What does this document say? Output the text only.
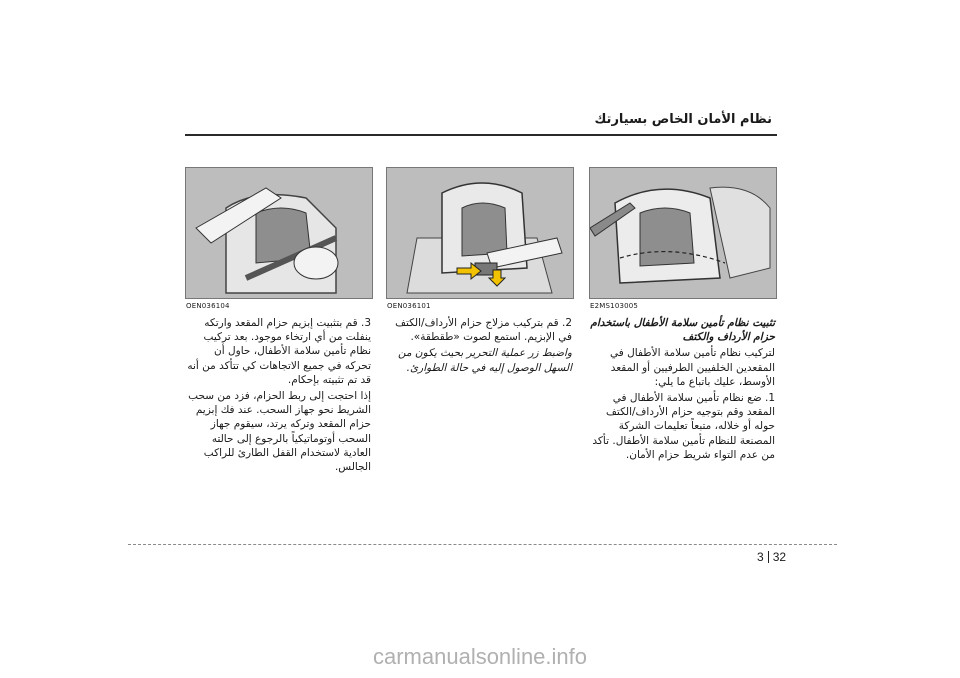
نظام الأمان الخاص بسيارتك
OEN036104	OEN036101	E2MS103005

3. قم بتثبيت إبزيم حزام المقعد وارتكه ينفلت من أي ارتخاء موجود. بعد تركيب نظام تأمين سلامة الأطفال، حاول أن تحركه في جميع الاتجاهات كي تتأكد من أنه قد تم تثبيته بإحكام.

إذا احتجت إلى ربط الحزام، فزد من سحب الشريط نحو جهاز السحب. عند فك إبزيم حزام المقعد وتركه يرتد، سيقوم جهاز السحب أوتوماتيكياً بالرجوع إلى حالته العادية لاستخدام القفل الطارئ للراكب الجالس.

2. قم بتركيب مزلاج حزام الأرداف/الكتف في الإبزيم. استمع لصوت «طقطقة».

واضبط زر عملية التحرير بحيث يكون من السهل الوصول إليه في حالة الطوارئ.

تثبيت نظام تأمين سلامة الأطفال باستخدام حزام الأرداف والكتف

لتركيب نظام تأمين سلامة الأطفال في المقعدين الخلفيين الطرفيين أو المقعد الأوسط، عليك باتباع ما يلي:

1. ضع نظام تأمين سلامة الأطفال في المقعد وقم بتوجيه حزام الأرداف/الكتف حوله أو خلاله، متبعاً تعليمات الشركة المصنعة للنظام تأمين سلامة الأطفال. تأكد من عدم التواء شريط حزام الأمان.

3 32
carmanualsonline.info
